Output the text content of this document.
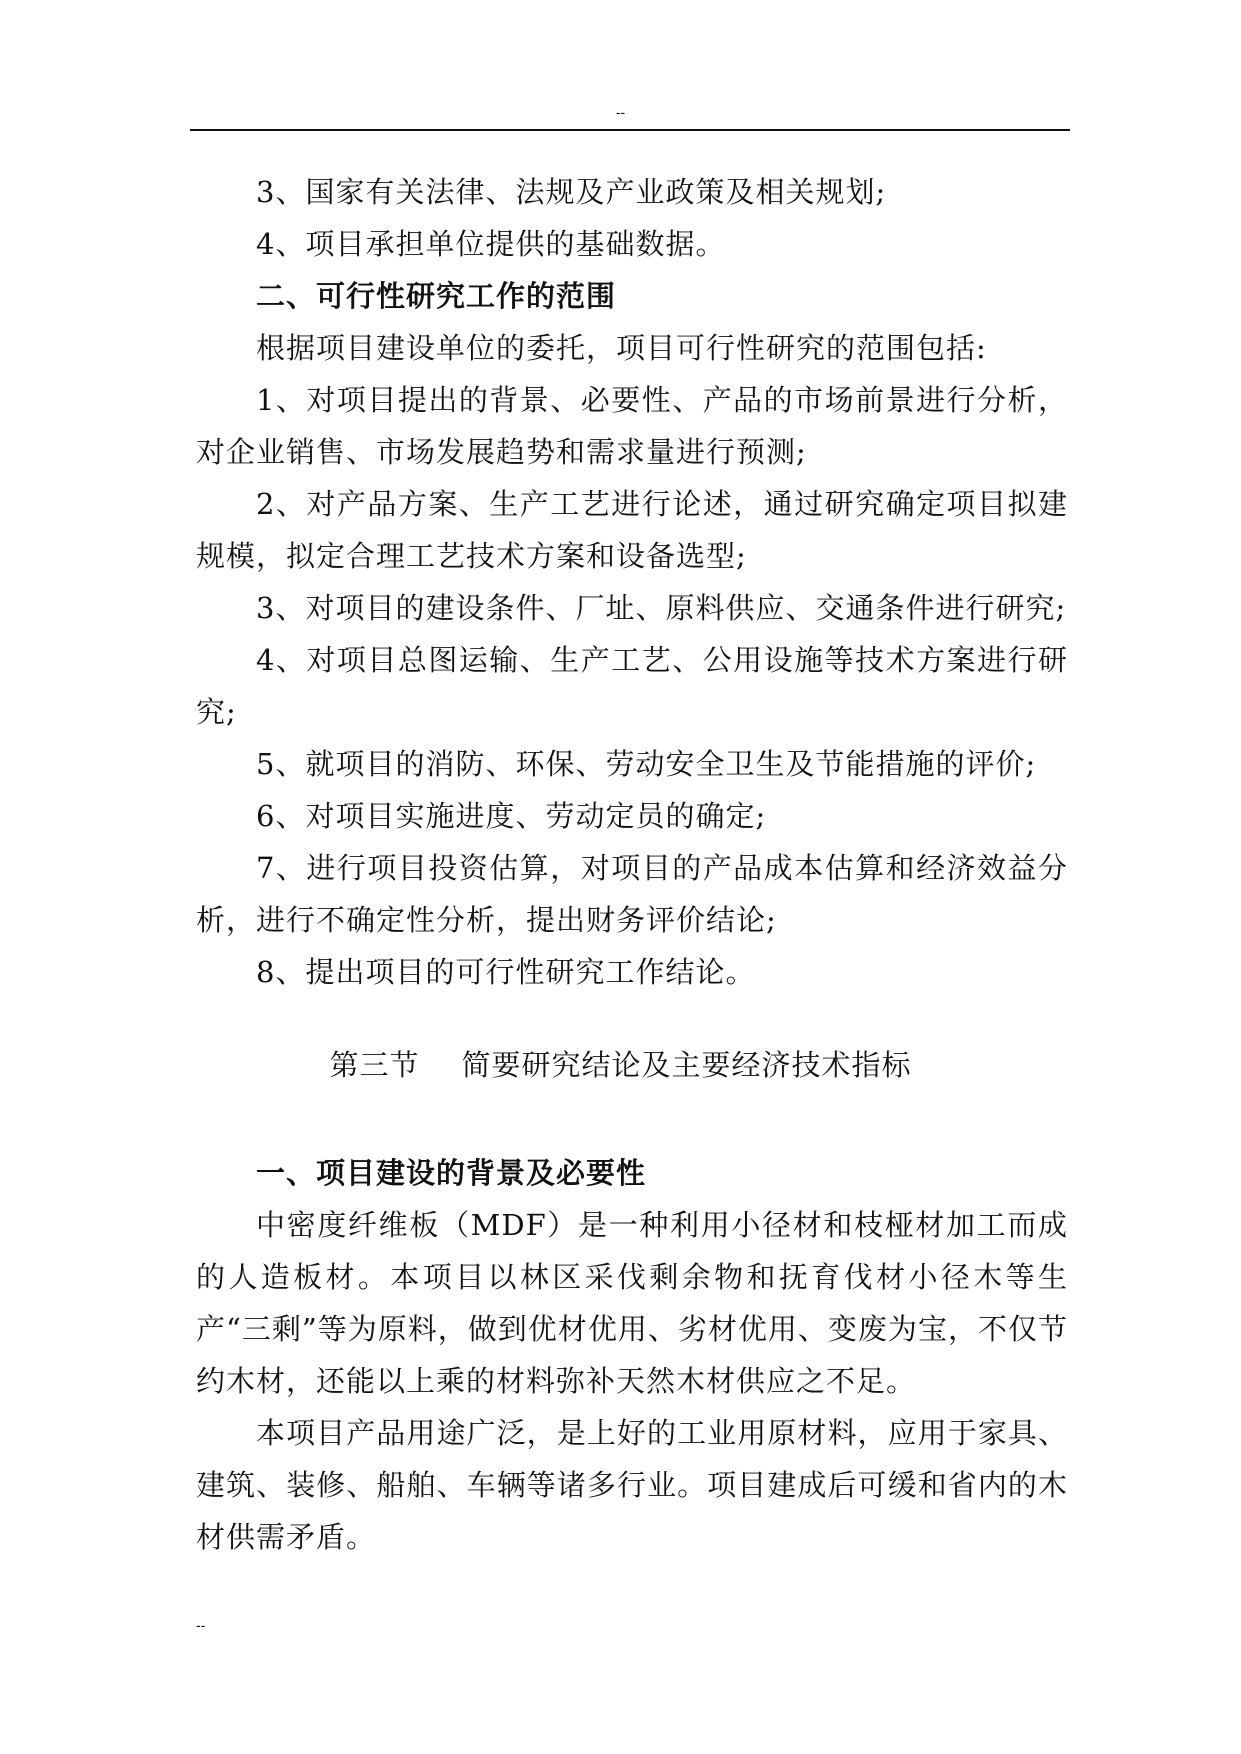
--

3、国家有关法律、法规及产业政策及相关规划;

4、项目承担单位提供的基础数据。

二、可行性研究工作的范围

根据项目建设单位的委托，项目可行性研究的范围包括:

1、对项目提出的背景、必要性、产品的市场前景进行分析，对企业销售、市场发展趋势和需求量进行预测;

2、对产品方案、生产工艺进行论述，通过研究确定项目拟建规模，拟定合理工艺技术方案和设备选型;

3、对项目的建设条件、厂址、原料供应、交通条件进行研究;

4、对项目总图运输、生产工艺、公用设施等技术方案进行研究;

5、就项目的消防、环保、劳动安全卫生及节能措施的评价;

6、对项目实施进度、劳动定员的确定;

7、进行项目投资估算，对项目的产品成本估算和经济效益分析，进行不确定性分析，提出财务评价结论;

8、提出项目的可行性研究工作结论。

第三节 简要研究结论及主要经济技术指标

一、项目建设的背景及必要性

中密度纤维板（MDF）是一种利用小径材和枝桠材加工而成的人造板材。本项目以林区采伐剩余物和抚育伐材小径木等生产“三剩”等为原料，做到优材优用、劣材优用、变废为宝，不仅节约木材，还能以上乘的材料弥补天然木材供应之不足。

本项目产品用途广泛，是上好的工业用原材料，应用于家具、建筑、装修、船舶、车辆等诸多行业。项目建成后可缓和省内的木材供需矛盾。

--
